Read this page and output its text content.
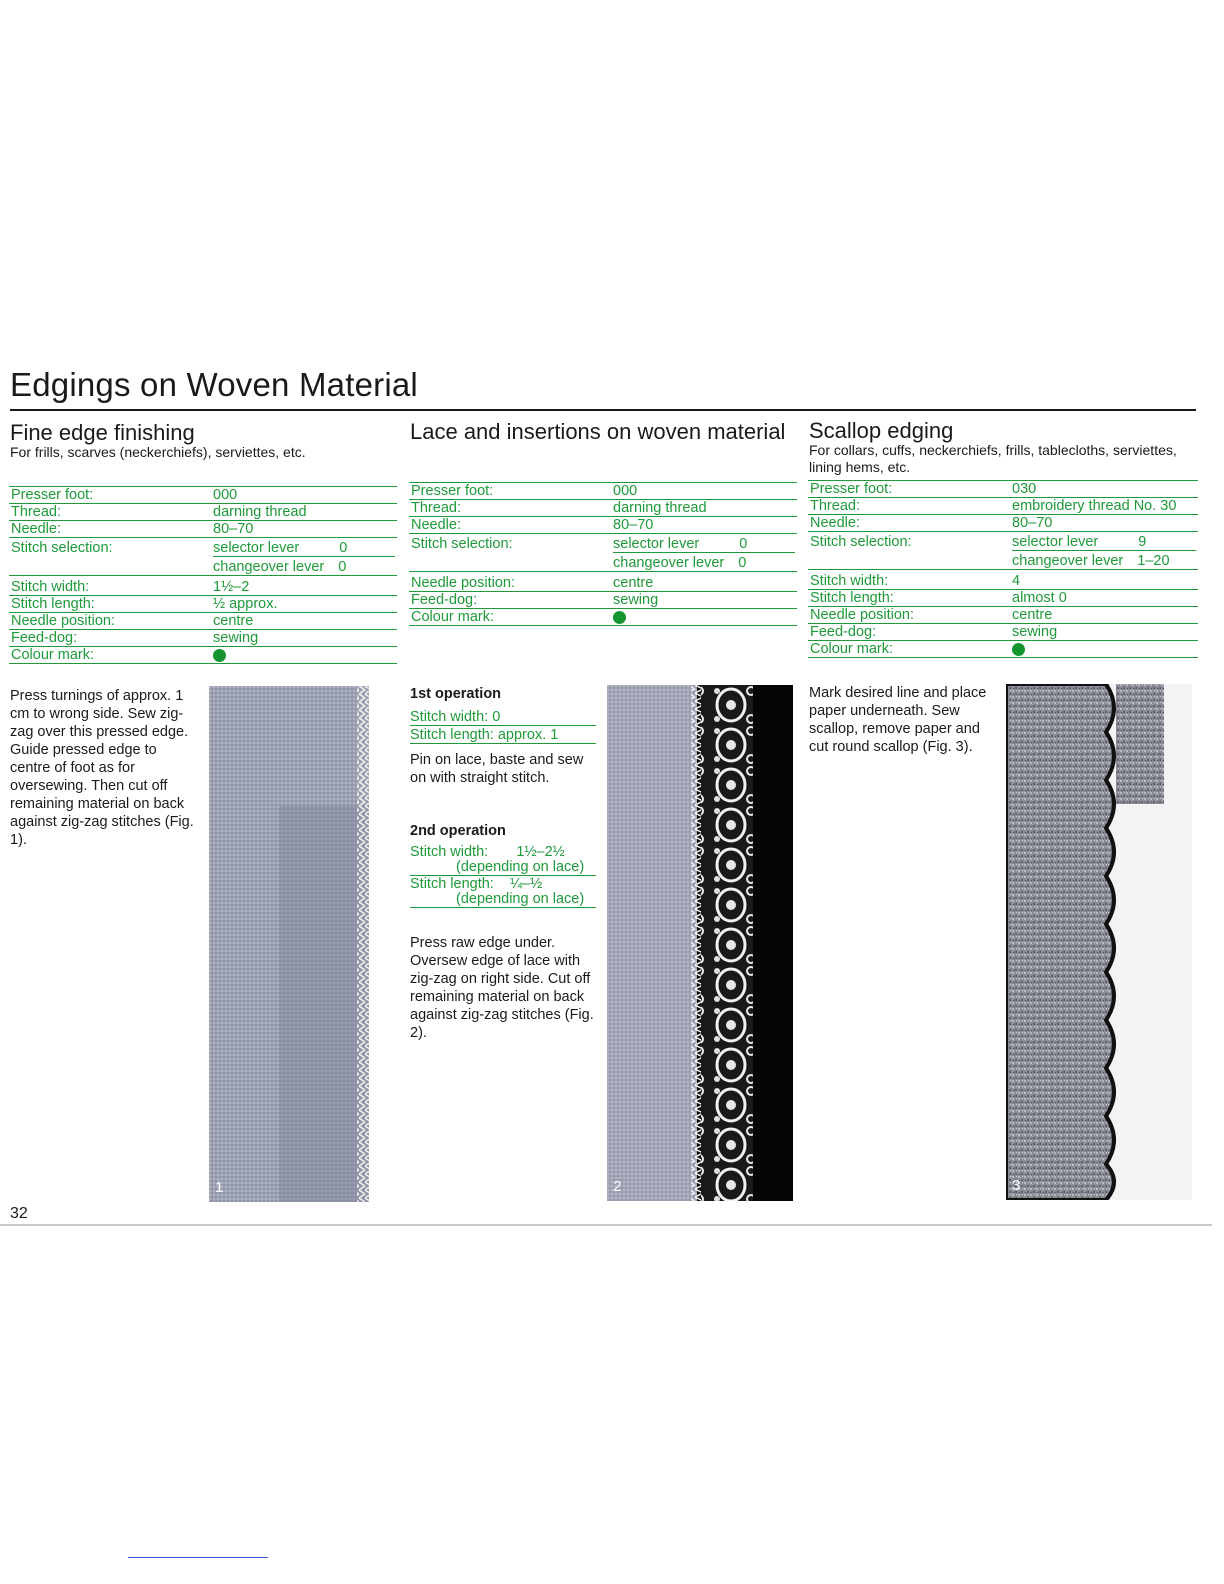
Edgings on Woven Material
Fine edge finishing
For frills, scarves (neckerchiefs), serviettes, etc.
Presser foot:	000
Thread:	darning thread
Needle:	80–70
Stitch selection:	selector lever 0
changeover lever 0

Stitch width:	1½–2
Stitch length:	½ approx.
Needle position:	centre
Feed-dog:	sewing
Colour mark:	
Press turnings of approx. 1 cm to wrong side. Sew zig-zag over this pressed edge. Guide pressed edge to centre of foot as for oversewing. Then cut off remaining material on back against zig-zag stitches (Fig. 1).
1
Lace and insertions on woven material
Presser foot:	000
Thread:	darning thread
Needle:	80–70
Stitch selection:	selector lever 0
changeover lever 0

Needle position:	centre
Feed-dog:	sewing
Colour mark:	
1st operation
Stitch width: 0
Stitch length: approx. 1
Pin on lace, baste and sew on with straight stitch.
2nd operation
Stitch width:       1½–2½
(depending on lace)
Stitch length:    ¼–½
(depending on lace)
Press raw edge under. Oversew edge of lace with zig-zag on right side. Cut off remaining material on back against zig-zag stitches (Fig. 2).
2
Scallop edging
For collars, cuffs, neckerchiefs, frills, tablecloths, serviettes, lining hems, etc.
Presser foot:	030
Thread:	embroidery thread No. 30
Needle:	80–70
Stitch selection:	selector lever 9
changeover lever 1–20

Stitch width:	4
Stitch length:	almost 0
Needle position:	centre
Feed-dog:	sewing
Colour mark:	
Mark desired line and place paper underneath. Sew scallop, remove paper and cut round scallop (Fig. 3).
3
32
